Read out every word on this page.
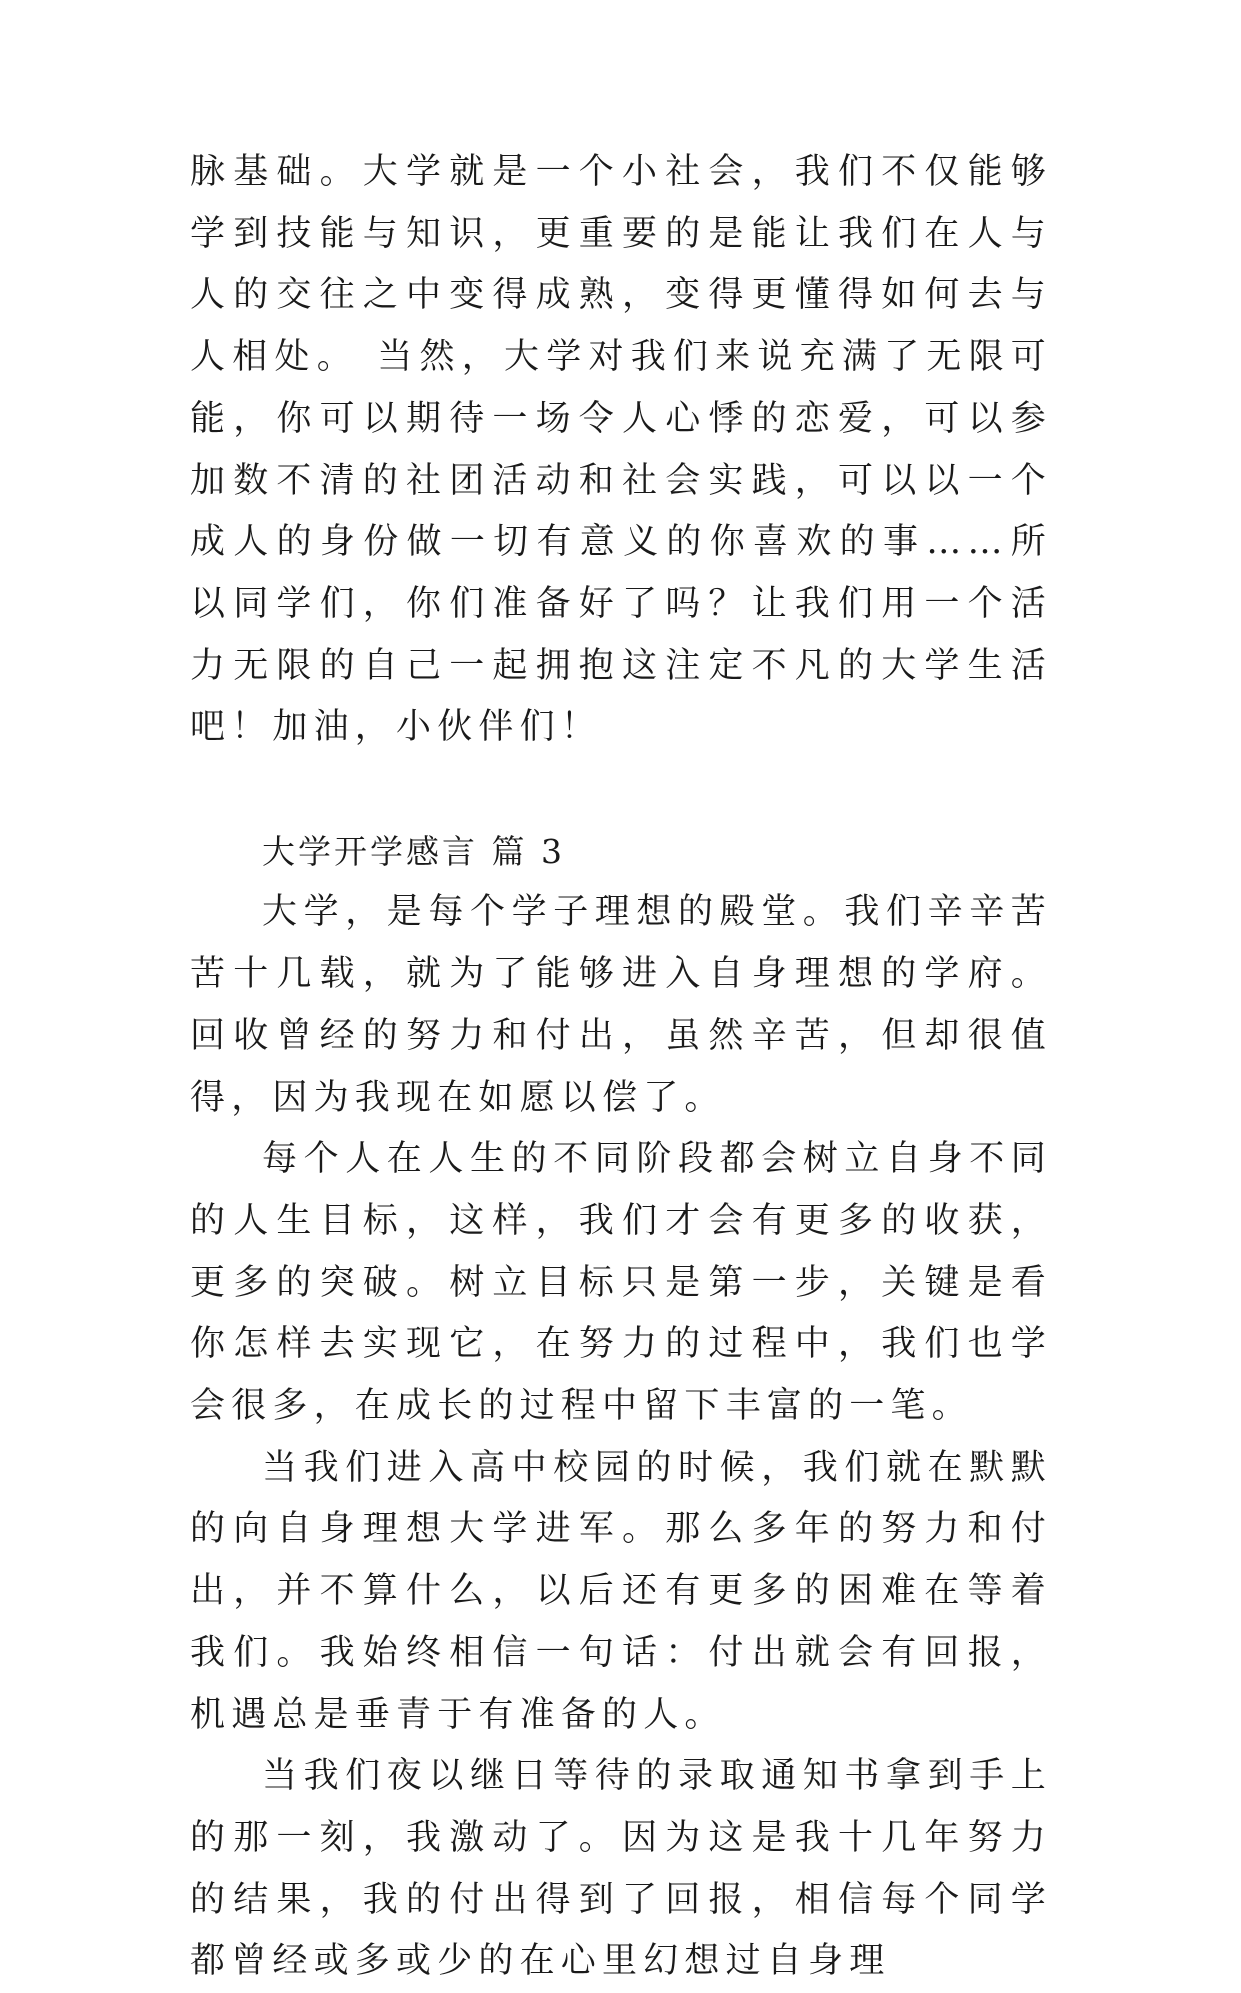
脉基础。大学就是一个小社会，我们不仅能够学到技能与知识，更重要的是能让我们在人与人的交往之中变得成熟，变得更懂得如何去与人相处。 当然，大学对我们来说充满了无限可能，你可以期待一场令人心悸的恋爱，可以参加数不清的社团活动和社会实践，可以以一个成人的身份做一切有意义的你喜欢的事……所以同学们，你们准备好了吗？让我们用一个活力无限的自己一起拥抱这注定不凡的大学生活吧！加油，小伙伴们！

大学开学感言 篇 3

大学，是每个学子理想的殿堂。我们辛辛苦苦十几载，就为了能够进入自身理想的学府。回收曾经的努力和付出，虽然辛苦，但却很值得，因为我现在如愿以偿了。

每个人在人生的不同阶段都会树立自身不同的人生目标，这样，我们才会有更多的收获，更多的突破。树立目标只是第一步，关键是看你怎样去实现它，在努力的过程中，我们也学会很多，在成长的过程中留下丰富的一笔。

当我们进入高中校园的时候，我们就在默默的向自身理想大学进军。那么多年的努力和付出，并不算什么，以后还有更多的困难在等着我们。我始终相信一句话：付出就会有回报，机遇总是垂青于有准备的人。

当我们夜以继日等待的录取通知书拿到手上的那一刻，我激动了。因为这是我十几年努力的结果，我的付出得到了回报，相信每个同学都曾经或多或少的在心里幻想过自身理
